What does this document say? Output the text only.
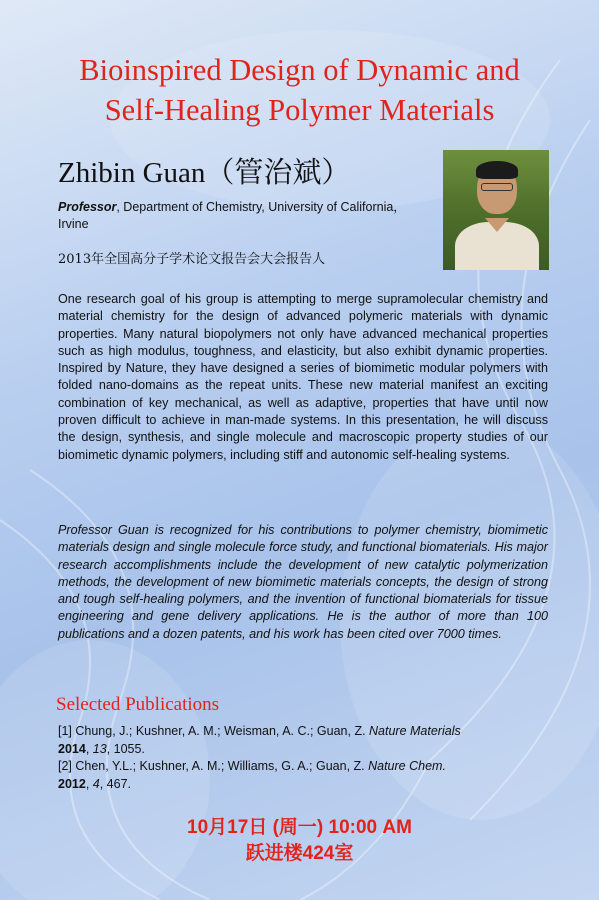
Bioinspired Design of Dynamic and
Self-Healing Polymer Materials
Zhibin Guan（管治斌）
Professor, Department of Chemistry, University of California，Irvine
2013年全国高分子学术论文报告会大会报告人
One research goal of his group is attempting to merge supramolecular chemistry and material chemistry for the design of advanced polymeric materials with dynamic properties. Many natural biopolymers not only have advanced mechanical properties such as high modulus, toughness, and elasticity, but also exhibit dynamic properties. Inspired by Nature, they have designed a series of biomimetic modular polymers with folded nano-domains as the repeat units. These new material manifest an exciting combination of key mechanical, as well as adaptive, properties that have until now proven difficult to achieve in man-made systems. In this presentation, he will discuss the design, synthesis, and single molecule and macroscopic property studies of our biomimetic dynamic polymers, including stiff and autonomic self-healing systems.
Professor Guan is recognized for his contributions to polymer chemistry, biomimetic materials design and single molecule force study, and functional biomaterials. His major research accomplishments include the development of new catalytic polymerization methods, the development of new biomimetic materials concepts, the design of strong and tough self-healing polymers, and the invention of functional biomaterials for tissue engineering and gene delivery applications. He is the author of more than 100 publications and a dozen patents, and his work has been cited over 7000 times.
Selected Publications

[1] Chung, J.; Kushner, A. M.; Weisman, A. C.; Guan, Z. Nature Materials
2014, 13, 1055.

[2] Chen, Y.L.; Kushner, A. M.; Williams, G. A.; Guan, Z. Nature Chem.
2012, 4, 467.

10月17日 (周一) 10:00 AM
跃进楼424室
